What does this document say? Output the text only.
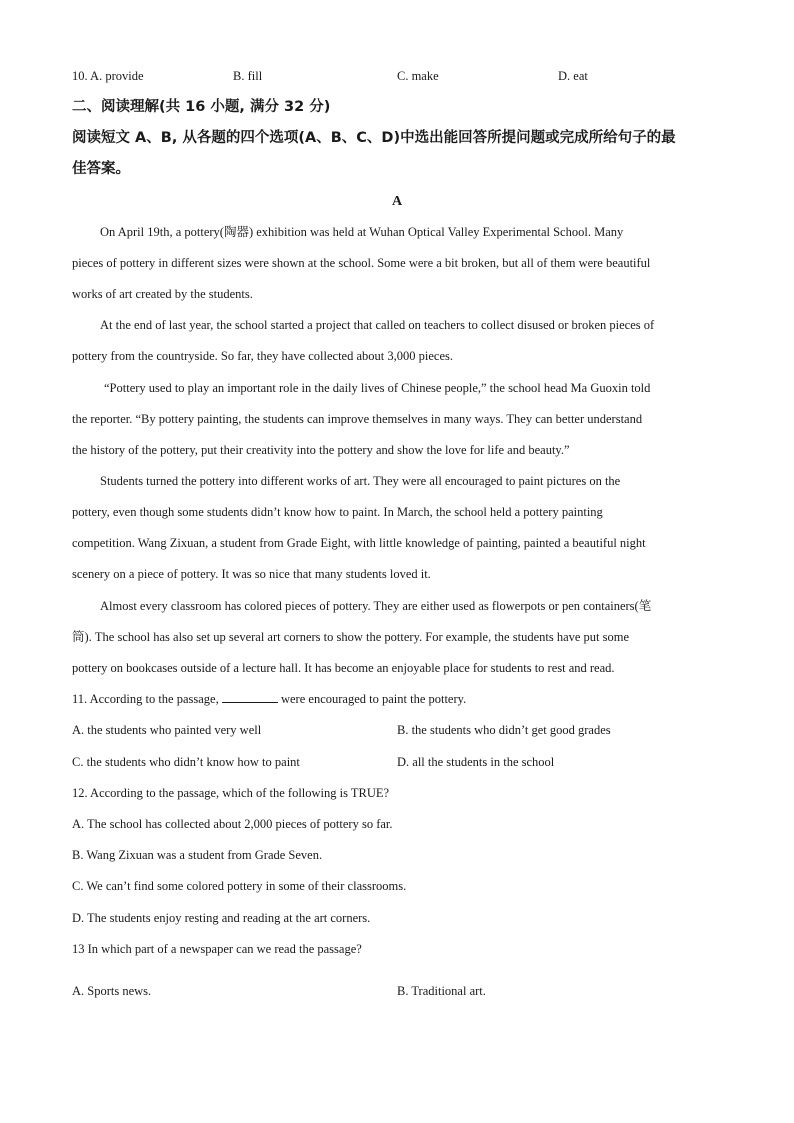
10. A. provide	B. fill	C. make	D. eat
二、阅读理解(共 16 小题, 满分 32 分)
阅读短文 A、B, 从各题的四个选项(A、B、C、D)中选出能回答所提问题或完成所给句子的最
佳答案。
A
On April 19th, a pottery(陶器) exhibition was held at Wuhan Optical Valley Experimental School. Many
pieces of pottery in different sizes were shown at the school. Some were a bit broken, but all of them were beautiful
works of art created by the students.
At the end of last year, the school started a project that called on teachers to collect disused or broken pieces of
pottery from the countryside. So far, they have collected about 3,000 pieces.
“Pottery used to play an important role in the daily lives of Chinese people,” the school head Ma Guoxin told
the reporter. “By pottery painting, the students can improve themselves in many ways. They can better understand
the history of the pottery, put their creativity into the pottery and show the love for life and beauty.”
Students turned the pottery into different works of art. They were all encouraged to paint pictures on the
pottery, even though some students didn’t know how to paint. In March, the school held a pottery painting
competition. Wang Zixuan, a student from Grade Eight, with little knowledge of painting, painted a beautiful night
scenery on a piece of pottery. It was so nice that many students loved it.
Almost every classroom has colored pieces of pottery. They are either used as flowerpots or pen containers(笔
筒). The school has also set up several art corners to show the pottery. For example, the students have put some
pottery on bookcases outside of a lecture hall. It has become an enjoyable place for students to rest and read.
11. According to the passage,	were encouraged to paint the pottery.
A. the students who painted very well	B. the students who didn’t get good grades
C. the students who didn’t know how to paint	D. all the students in the school
12. According to the passage, which of the following is TRUE?
A. The school has collected about 2,000 pieces of pottery so far.
B. Wang Zixuan was a student from Grade Seven.
C. We can’t find some colored pottery in some of their classrooms.
D. The students enjoy resting and reading at the art corners.
13 In which part of a newspaper can we read the passage?
A. Sports news.	B. Traditional art.
